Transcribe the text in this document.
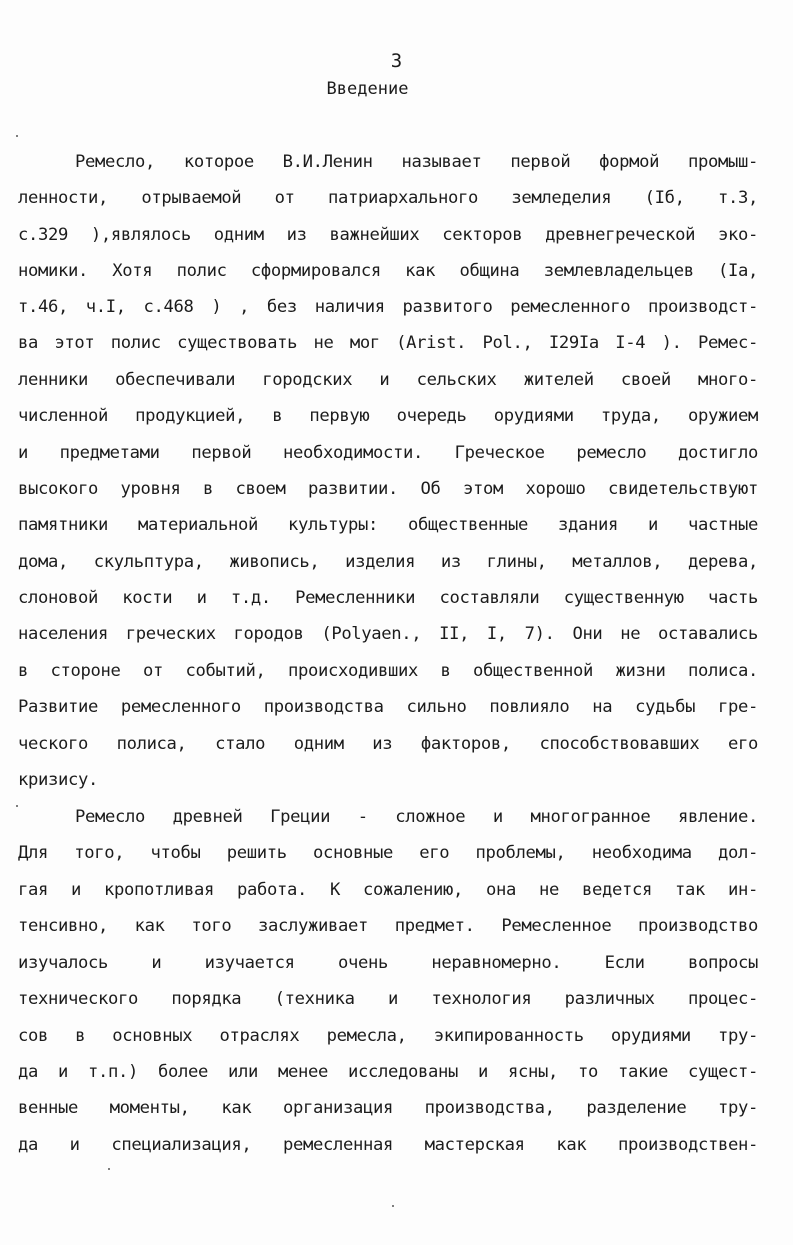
3
Введение
Ремесло, которое В.И.Ленин называет первой формой промыш-
ленности, отрываемой от патриархального земледелия (Iб, т.3,
с.329 ),являлось одним из важнейших секторов древнегреческой эко-
номики. Хотя полис сформировался как община землевладельцев (Iа,
т.46, ч.I, с.468 ) , без наличия развитого ремесленного производст-
ва этот полис существовать не мог (Arist. Pol., I29Iа I-4 ). Ремес-
ленники обеспечивали городских и сельских жителей своей много-
численной продукцией, в первую очередь орудиями труда, оружием
и предметами первой необходимости. Греческое ремесло достигло
высокого уровня в своем развитии. Об этом хорошо свидетельствуют
памятники материальной культуры: общественные здания и частные
дома, скульптура, живопись, изделия из глины, металлов, дерева,
слоновой кости и т.д. Ремесленники составляли существенную часть
населения греческих городов (Polyaen., II, I, 7). Они не оставались
в стороне от событий, происходивших в общественной жизни полиса.
Развитие ремесленного производства сильно повлияло на судьбы гре-
ческого полиса, стало одним из факторов, способствовавших его
кризису.
Ремесло древней Греции - сложное и многогранное явление.
Для того, чтобы решить основные его проблемы, необходима дол-
гая и кропотливая работа. К сожалению, она не ведется так ин-
тенсивно, как того заслуживает предмет. Ремесленное производство
изучалось и изучается очень неравномерно. Если вопросы
технического порядка (техника и технология различных процес-
сов в основных отраслях ремесла, экипированность орудиями тру-
да и т.п.) более или менее исследованы и ясны, то такие сущест-
венные моменты, как организация производства, разделение тру-
да и специализация, ремесленная мастерская как производствен-
